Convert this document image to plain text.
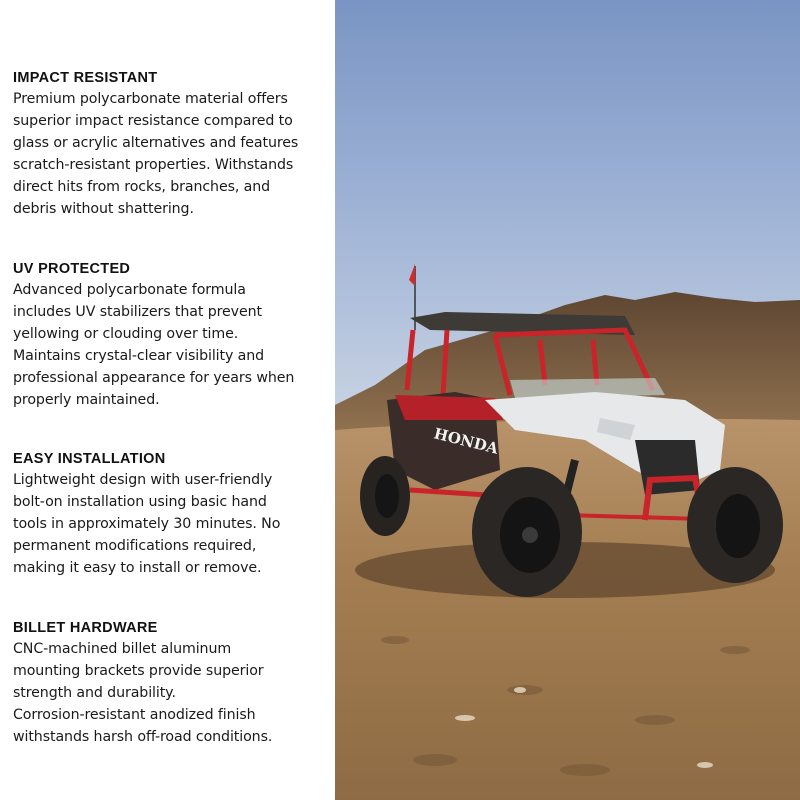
IMPACT RESISTANT

Premium polycarbonate material offers
superior impact resistance compared to
glass or acrylic alternatives and features
scratch-resistant properties. Withstands
direct hits from rocks, branches, and
debris without shattering.

UV PROTECTED

Advanced polycarbonate formula
includes UV stabilizers that prevent
yellowing or clouding over time.
Maintains crystal-clear visibility and
professional appearance for years when
properly maintained.

EASY INSTALLATION

Lightweight design with user-friendly
bolt-on installation using basic hand
tools in approximately 30 minutes. No
permanent modifications required,
making it easy to install or remove.

BILLET HARDWARE

CNC-machined billet aluminum
mounting brackets provide superior
strength and durability.
Corrosion-resistant anodized finish
withstands harsh off-road conditions.

HONDA
